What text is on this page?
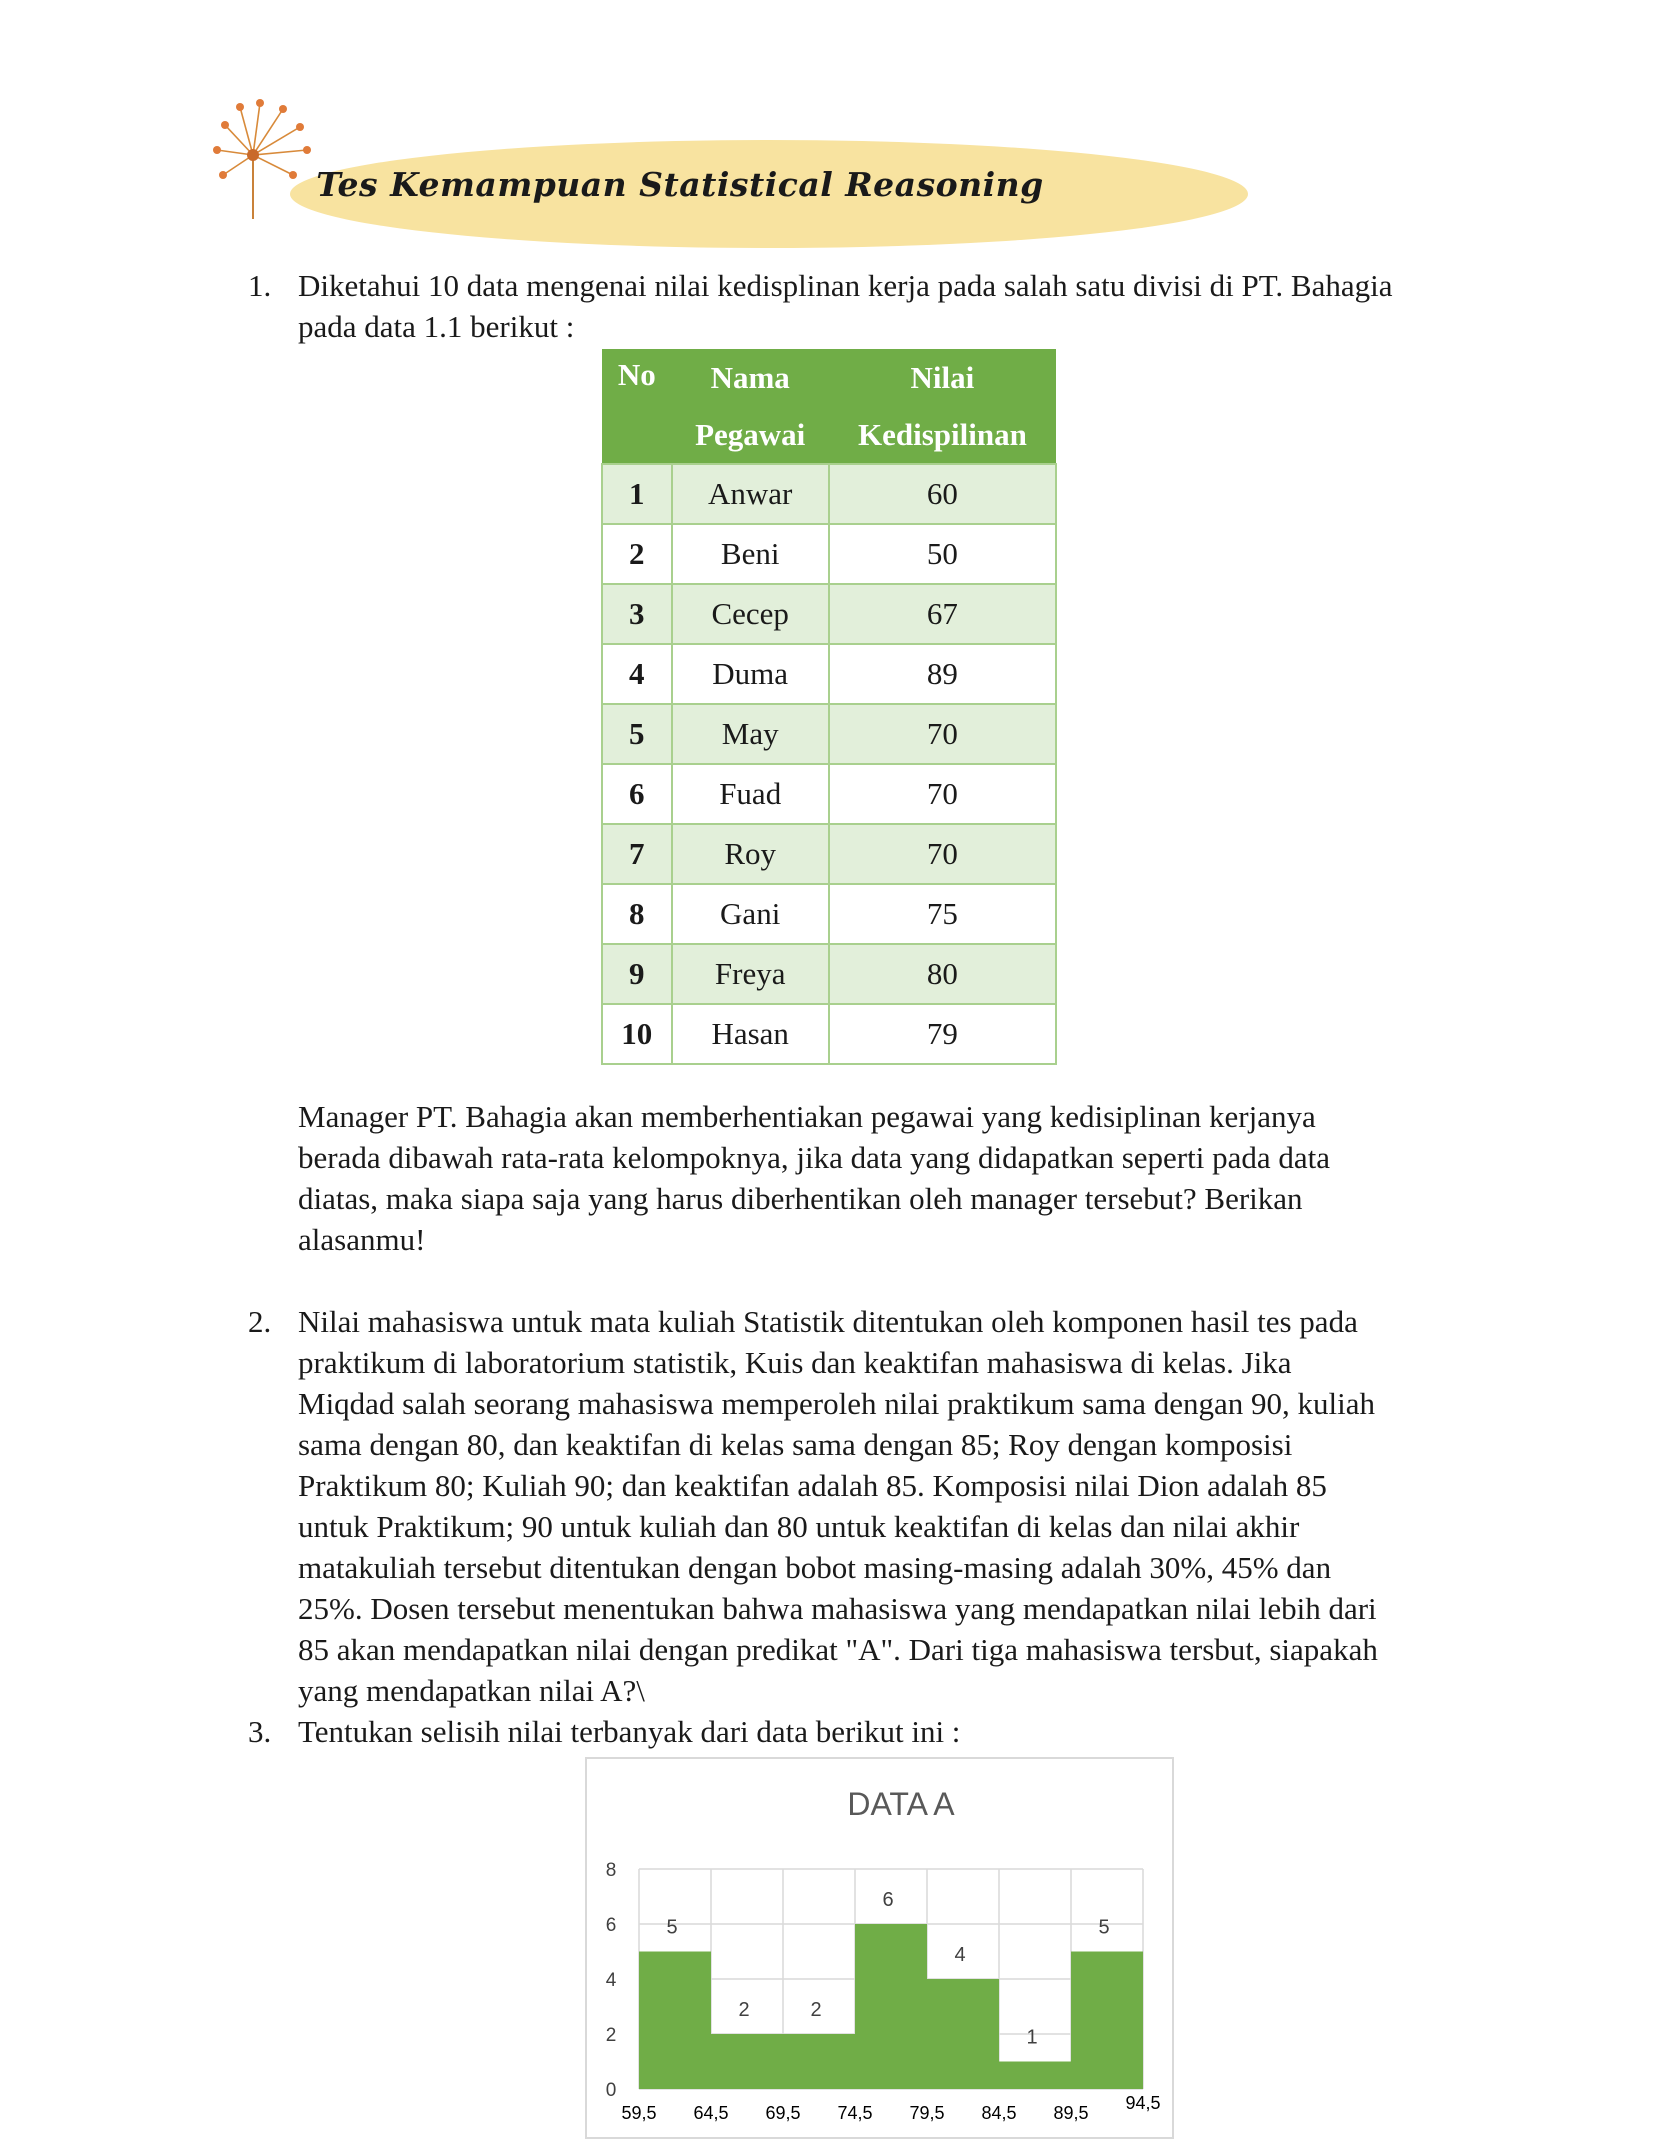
Tes Kemampuan Statistical Reasoning
1. Diketahui 10 data mengenai nilai kedisplinan kerja pada salah satu divisi di PT. Bahagia
pada data 1.1 berikut :
No	Nama	Nilai
	Pegawai	Kedispilinan
1	Anwar	60
2	Beni	50
3	Cecep	67
4	Duma	89
5	May	70
6	Fuad	70
7	Roy	70
8	Gani	75
9	Freya	80
10	Hasan	79
Manager PT. Bahagia akan memberhentiakan pegawai yang kedisiplinan kerjanya
berada dibawah rata-rata kelompoknya, jika data yang didapatkan seperti pada data
diatas, maka siapa saja yang harus diberhentikan oleh manager tersebut? Berikan
alasanmu!
2. Nilai mahasiswa untuk mata kuliah Statistik ditentukan oleh komponen hasil tes pada
praktikum di laboratorium statistik, Kuis dan keaktifan mahasiswa di kelas. Jika
Miqdad salah seorang mahasiswa memperoleh nilai praktikum sama dengan 90, kuliah
sama dengan 80, dan keaktifan di kelas sama dengan 85; Roy dengan komposisi
Praktikum 80; Kuliah 90; dan keaktifan adalah 85. Komposisi nilai Dion adalah 85
untuk Praktikum; 90 untuk kuliah dan 80 untuk keaktifan di kelas dan nilai akhir
matakuliah tersebut ditentukan dengan bobot masing-masing adalah 30%, 45% dan
25%. Dosen tersebut menentukan bahwa mahasiswa yang mendapatkan nilai lebih dari
85 akan mendapatkan nilai dengan predikat "A". Dari tiga mahasiswa tersbut, siapakah
yang mendapatkan nilai A?\
3. Tentukan selisih nilai terbanyak dari data berikut ini :
DATA A
0
2
4
6
8
5
2	2
6
4
1
5
59,5 64,5 69,5 74,5 79,5 84,5 89,5 94,5
